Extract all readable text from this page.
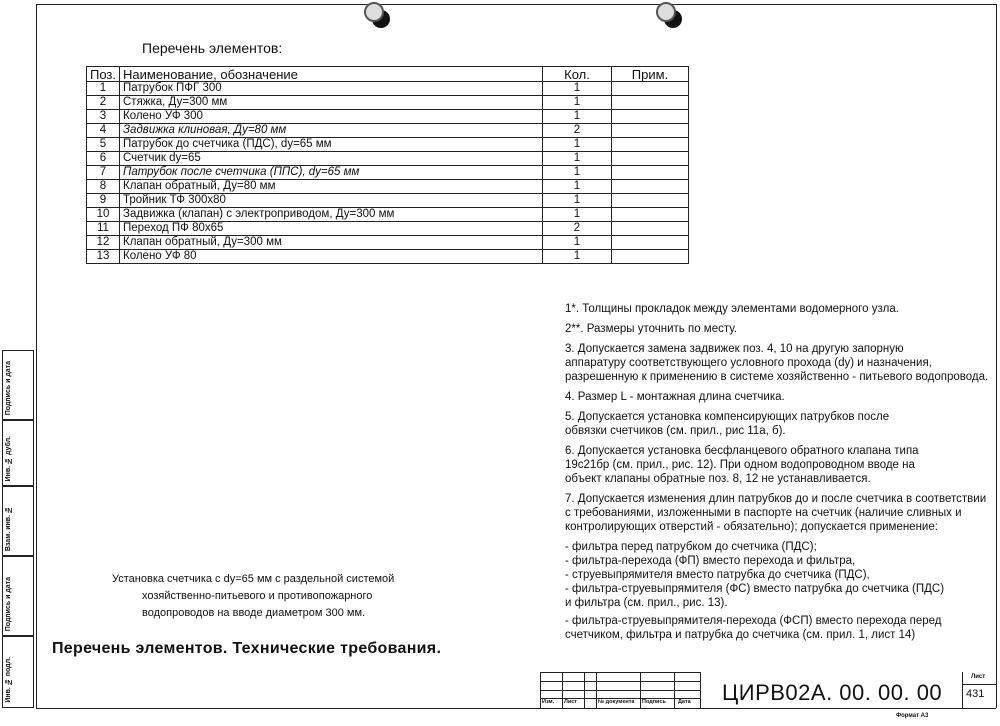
Перечень элементов:
Поз.	Наименование, обозначение	Кол.	Прим.
1	Патрубок ПФГ 300	1	
2	Стяжка, Ду=300 мм	1	
3	Колено УФ 300	1	
4	Задвижка клиновая, Ду=80 мм	2	
5	Патрубок до счетчика (ПДС), dy=65 мм	1	
6	Счетчик dy=65	1	
7	Патрубок после счетчика (ППС), dy=65 мм	1	
8	Клапан обратный, Ду=80 мм	1	
9	Тройник ТФ 300х80	1	
10	Задвижка (клапан) с электроприводом, Ду=300 мм	1	
11	Переход ПФ 80х65	2	
12	Клапан обратный, Ду=300 мм	1	
13	Колено УФ 80	1	
Подпись и дата
Инв. № дубл.
Взам. инв. №
Подпись и дата
Инв. № подл.

1*. Толщины прокладок между элементами водомерного узла.

2**. Размеры уточнить по месту.

3. Допускается замена задвижек поз. 4, 10 на другую запорную
аппаратуру соответствующего условного прохода (dy) и назначения,
разрешенную к применению в системе хозяйственно - питьевого водопровода.

4. Размер L - монтажная длина счетчика.

5. Допускается установка компенсирующих патрубков после
обвязки счетчиков (см. прил., рис 11а, б).

6. Допускается установка бесфланцевого обратного клапана типа
19с21бр (см. прил., рис. 12). При одном водопроводном вводе на
объект клапаны обратные поз. 8, 12 не устанавливается.

7. Допускается изменения длин патрубков до и после счетчика в соответствии
с требованиями, изложенными в паспорте на счетчик (наличие сливных и
контролирующих отверстий - обязательно); допускается применение:

- фильтра перед патрубком до счетчика (ПДС);
- фильтра-перехода (ФП) вместо перехода и фильтра,
- струевыпрямителя вместо патрубка до счетчика (ПДС),
- фильтра-струевыпрямителя (ФС) вместо патрубка до счетчика (ПДС)
и фильтра (см. прил., рис. 13).

- фильтра-струевыпрямителя-перехода (ФСП) вместо перехода перед
счетчиком, фильтра и патрубка до счетчика (см. прил. 1, лист 14)

Установка счетчика с dy=65 мм с раздельной системой
хозяйственно-питьевого и противопожарного
водопроводов на вводе диаметром 300 мм.
Перечень элементов. Технические требования.
Изм. Лист	№ документа Подпись Дата ЦИРВ02А. 00. 00. 00
Лист
431
Формат А3
